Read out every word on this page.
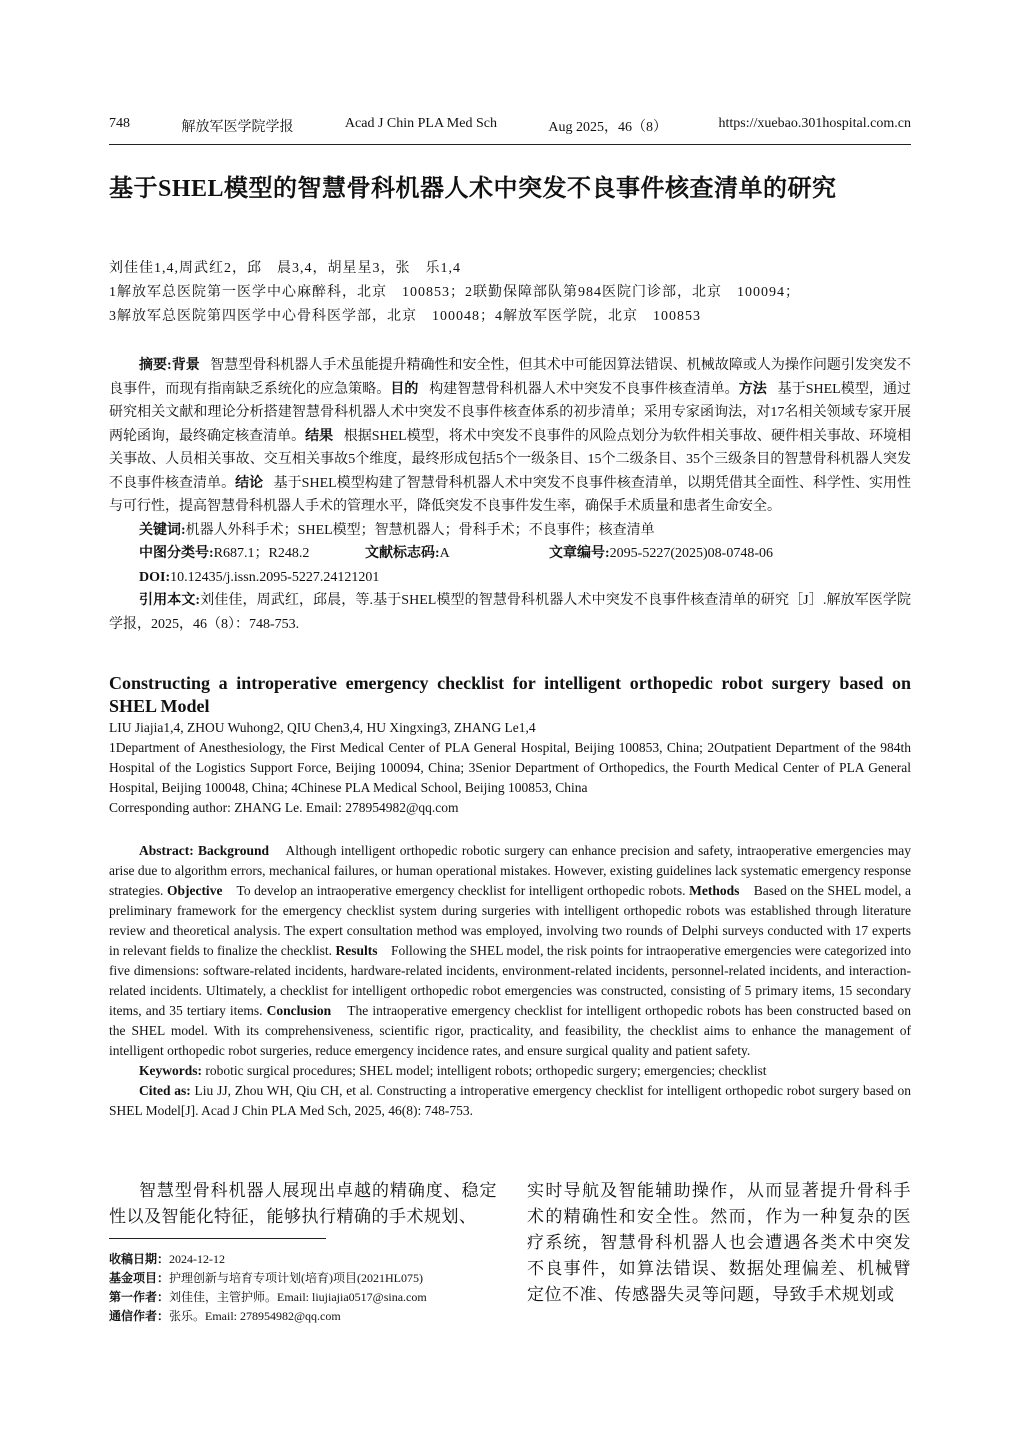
748	解放军医学院学报	Acad J Chin PLA Med Sch	Aug 2025，46（8）	https://xuebao.301hospital.com.cn
基于SHEL模型的智慧骨科机器人术中突发不良事件核查清单的研究
刘佳佳1,4,周武红2，邱　晨3,4，胡星星3，张　乐1,4
1解放军总医院第一医学中心麻醉科，北京　100853；2联勤保障部队第984医院门诊部，北京　100094；
3解放军总医院第四医学中心骨科医学部，北京　100048；4解放军医学院，北京　100853
摘要:背景 智慧型骨科机器人手术虽能提升精确性和安全性，但其术中可能因算法错误、机械故障或人为操作问题引发突发不良事件，而现有指南缺乏系统化的应急策略。目的 构建智慧骨科机器人术中突发不良事件核查清单。方法 基于SHEL模型，通过研究相关文献和理论分析搭建智慧骨科机器人术中突发不良事件核查体系的初步清单；采用专家函询法，对17名相关领域专家开展两轮函询，最终确定核查清单。结果 根据SHEL模型，将术中突发不良事件的风险点划分为软件相关事故、硬件相关事故、环境相关事故、人员相关事故、交互相关事故5个维度，最终形成包括5个一级条目、15个二级条目、35个三级条目的智慧骨科机器人突发不良事件核查清单。结论 基于SHEL模型构建了智慧骨科机器人术中突发不良事件核查清单，以期凭借其全面性、科学性、实用性与可行性，提高智慧骨科机器人手术的管理水平，降低突发不良事件发生率，确保手术质量和患者生命安全。
关键词:机器人外科手术；SHEL模型；智慧机器人；骨科手术；不良事件；核查清单
中图分类号:R687.1；R248.2	文献标志码:A	文章编号:2095-5227(2025)08-0748-06
DOI:10.12435/j.issn.2095-5227.24121201
引用本文:刘佳佳，周武红，邱晨，等.基于SHEL模型的智慧骨科机器人术中突发不良事件核查清单的研究［J］.解放军医学院学报，2025，46（8）：748-753.
Constructing a introperative emergency checklist for intelligent orthopedic robot surgery based on SHEL Model
LIU Jiajia1,4, ZHOU Wuhong2, QIU Chen3,4, HU Xingxing3, ZHANG Le1,4
1Department of Anesthesiology, the First Medical Center of PLA General Hospital, Beijing 100853, China; 2Outpatient Department of the 984th Hospital of the Logistics Support Force, Beijing 100094, China; 3Senior Department of Orthopedics, the Fourth Medical Center of PLA General Hospital, Beijing 100048, China; 4Chinese PLA Medical School, Beijing 100853, China
Corresponding author: ZHANG Le. Email: 278954982@qq.com
Abstract: Background Although intelligent orthopedic robotic surgery can enhance precision and safety, intraoperative emergencies may arise due to algorithm errors, mechanical failures, or human operational mistakes. However, existing guidelines lack systematic emergency response strategies. Objective To develop an intraoperative emergency checklist for intelligent orthopedic robots. Methods Based on the SHEL model, a preliminary framework for the emergency checklist system during surgeries with intelligent orthopedic robots was established through literature review and theoretical analysis. The expert consultation method was employed, involving two rounds of Delphi surveys conducted with 17 experts in relevant fields to finalize the checklist. Results Following the SHEL model, the risk points for intraoperative emergencies were categorized into five dimensions: software-related incidents, hardware-related incidents, environment-related incidents, personnel-related incidents, and interaction-related incidents. Ultimately, a checklist for intelligent orthopedic robot emergencies was constructed, consisting of 5 primary items, 15 secondary items, and 35 tertiary items. Conclusion The intraoperative emergency checklist for intelligent orthopedic robots has been constructed based on the SHEL model. With its comprehensiveness, scientific rigor, practicality, and feasibility, the checklist aims to enhance the management of intelligent orthopedic robot surgeries, reduce emergency incidence rates, and ensure surgical quality and patient safety.
Keywords: robotic surgical procedures; SHEL model; intelligent robots; orthopedic surgery; emergencies; checklist
Cited as: Liu JJ, Zhou WH, Qiu CH, et al. Constructing a introperative emergency checklist for intelligent orthopedic robot surgery based on SHEL Model[J]. Acad J Chin PLA Med Sch, 2025, 46(8): 748-753.
智慧型骨科机器人展现出卓越的精确度、稳定性以及智能化特征，能够执行精确的手术规划、
实时导航及智能辅助操作，从而显著提升骨科手术的精确性和安全性。然而，作为一种复杂的医疗系统，智慧骨科机器人也会遭遇各类术中突发不良事件，如算法错误、数据处理偏差、机械臂定位不准、传感器失灵等问题，导致手术规划或
收稿日期：2024-12-12
基金项目：护理创新与培育专项计划(培育)项目(2021HL075)
第一作者：刘佳佳，主管护师。Email: liujiajia0517@sina.com
通信作者：张乐。Email: 278954982@qq.com
